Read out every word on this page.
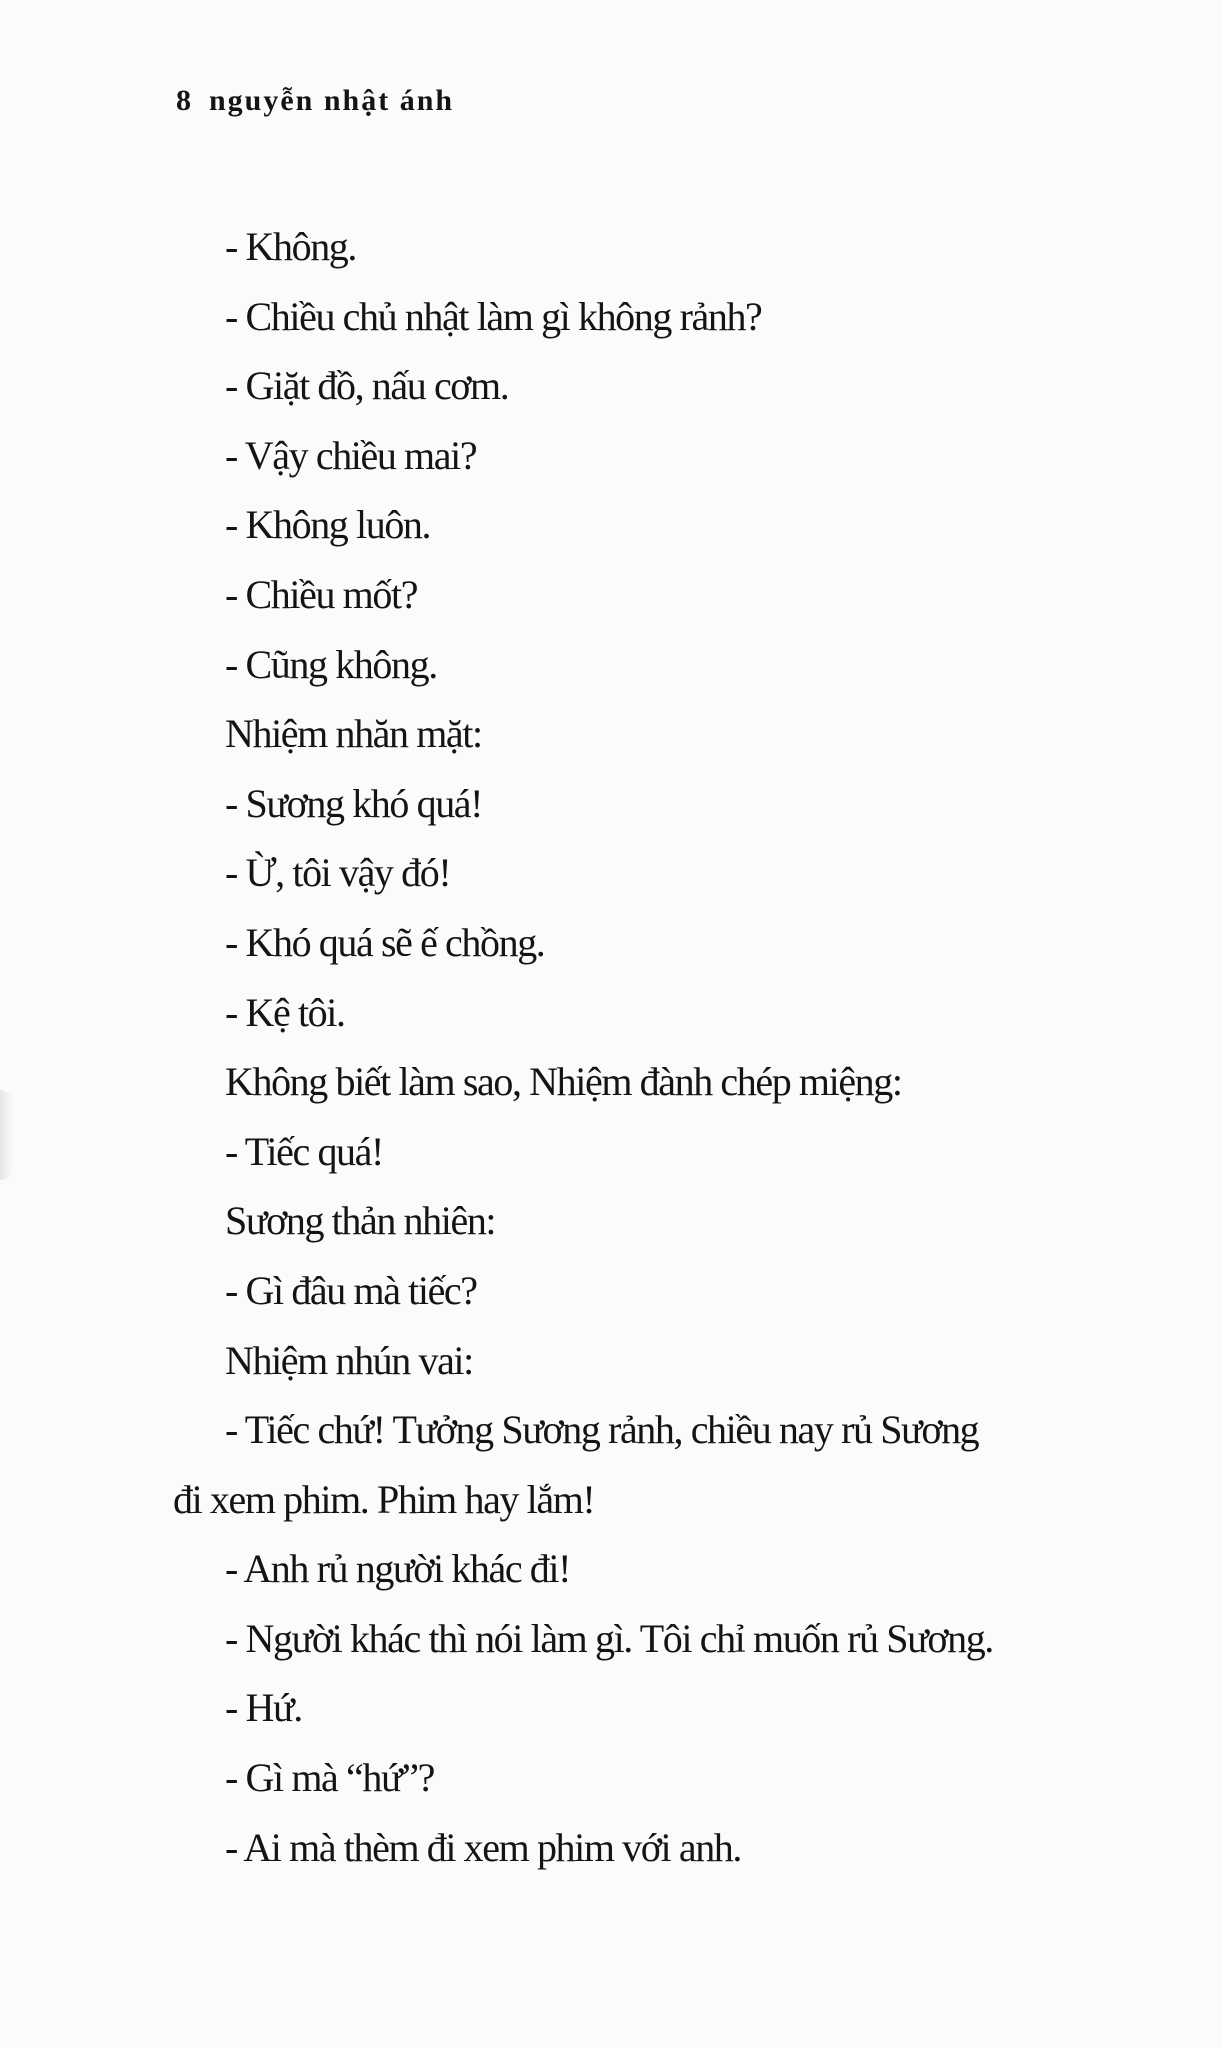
8 nguyễn nhật ánh
- Không.
- Chiều chủ nhật làm gì không rảnh?
- Giặt đồ, nấu cơm.
- Vậy chiều mai?
- Không luôn.
- Chiều mốt?
- Cũng không.
Nhiệm nhăn mặt:
- Sương khó quá!
- Ừ, tôi vậy đó!
- Khó quá sẽ ế chồng.
- Kệ tôi.
Không biết làm sao, Nhiệm đành chép miệng:
- Tiếc quá!
Sương thản nhiên:
- Gì đâu mà tiếc?
Nhiệm nhún vai:
- Tiếc chứ! Tưởng Sương rảnh, chiều nay rủ Sương
đi xem phim. Phim hay lắm!
- Anh rủ người khác đi!
- Người khác thì nói làm gì. Tôi chỉ muốn rủ Sương.
- Hứ.
- Gì mà “hứ”?
- Ai mà thèm đi xem phim với anh.
